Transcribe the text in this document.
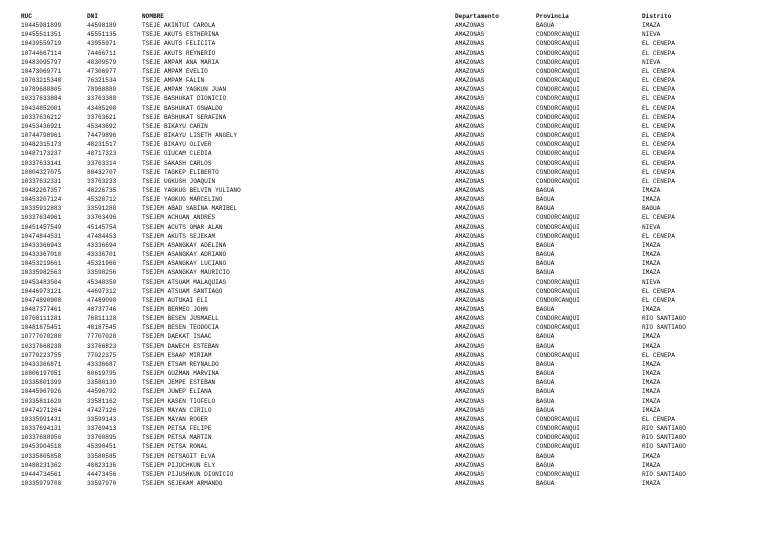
RUC	DNI	NOMBRE	Departamento	Provincia	Distrito
10445981899	44598189	TSEJE AKINTUI CAROLA	AMAZONAS	BAGUA	IMAZA
10455511351	45551135	TSEJE AKUTS ESTHERINA	AMAZONAS	CONDORCANQUI	NIEVA
10439559719	43955971	TSEJE AKUTS FELICITA	AMAZONAS	CONDORCANQUI	EL CENEPA
10744667114	74466711	TSEJE AKUTS REYNERIO	AMAZONAS	CONDORCANQUI	EL CENEPA
10483095797	48309579	TSEJE AMPAM ANA MARIA	AMAZONAS	CONDORCANQUI	NIEVA
10473069771	47306977	TSEJE AMPAM EVELIO	AMAZONAS	CONDORCANQUI	EL CENEPA
10763215348	76321534	TSEJE AMPAM FALIN	AMAZONAS	CONDORCANQUI	EL CENEPA
10789688805	78968880	TSEJE AMPAM YAGKUN JUAN	AMAZONAS	CONDORCANQUI	EL CENEPA
10337633884	33763388	TSEJE BASHUKAT DIONICIO	AMAZONAS	CONDORCANQUI	EL CENEPA
10434852001	43485200	TSEJE BASHUKAT OSWALDO	AMAZONAS	CONDORCANQUI	EL CENEPA
10337636212	33763621	TSEJE BASHUKAT SERAFINA	AMAZONAS	CONDORCANQUI	EL CENEPA
10453436921	45343692	TSEJE BIKAYU CARIN	AMAZONAS	CONDORCANQUI	EL CENEPA
10744798961	74479896	TSEJE BIKAYU LISETH ANGELY	AMAZONAS	CONDORCANQUI	EL CENEPA
10482315173	48231517	TSEJE BIKAYU OLIVER	AMAZONAS	CONDORCANQUI	EL CENEPA
10487173237	48717323	TSEJE GIUCAM CLEDIA	AMAZONAS	CONDORCANQUI	EL CENEPA
10337633141	33763314	TSEJE SAKASH CARLOS	AMAZONAS	CONDORCANQUI	EL CENEPA
10804327075	80432707	TSEJE TAGKEP ELIBERTO	AMAZONAS	CONDORCANQUI	EL CENEPA
10337632331	33763233	TSEJE UGKUSH JOAQUIN	AMAZONAS	CONDORCANQUI	EL CENEPA
10482267357	48226735	TSEJE YAGKUG BELVIN YULIANO	AMAZONAS	BAGUA	IMAZA
10453207124	45320712	TSEJE YAGKUG MARCELINO	AMAZONAS	BAGUA	IMAZA
10335912883	33591288	TSEJEM ABAD SABINA MARIBEL	AMAZONAS	BAGUA	BAGUA
10337634961	33763496	TSEJEM ACHUAN ANDRES	AMAZONAS	CONDORCANQUI	EL CENEPA
10451457549	45145754	TSEJEM ACUTS OMAR ALAN	AMAZONAS	CONDORCANQUI	NIEVA
10474844531	47484453	TSEJEM AKUTS SEJEKAM	AMAZONAS	CONDORCANQUI	EL CENEPA
10433366943	43336694	TSEJEM ASANGKAY ADELINA	AMAZONAS	BAGUA	IMAZA
10433367010	43336701	TSEJEM ASANGKAY ADRIANO	AMAZONAS	BAGUA	IMAZA
10453219661	45321966	TSEJEM ASANGKAY LUCIANO	AMAZONAS	BAGUA	IMAZA
10335982563	33598256	TSEJEM ASANGKAY MAURICIO	AMAZONAS	BAGUA	IMAZA
10453483504	45348350	TSEJEM ATSUAM MALAQUIAS	AMAZONAS	CONDORCANQUI	NIEVA
10446973121	44697312	TSEJEM ATSUAM SANTIAGO	AMAZONAS	CONDORCANQUI	EL CENEPA
10474890908	47489090	TSEJEM AUTUKAI ELI	AMAZONAS	CONDORCANQUI	EL CENEPA
10487377461	48737746	TSEJEM BERMEO JOHN	AMAZONAS	BAGUA	IMAZA
10768111281	76811128	TSEJEM BESEN JUSMAELL	AMAZONAS	CONDORCANQUI	RIO SANTIAGO
10481875451	48187545	TSEJEM BESEN TEODOCIA	AMAZONAS	CONDORCANQUI	RIO SANTIAGO
10777070288	77707028	TSEJEM DAEKAT ISAAC	AMAZONAS	BAGUA	IMAZA
10337668238	33766823	TSEJEM DAWECH ESTEBAN	AMAZONAS	BAGUA	IMAZA
10770223755	77022375	TSEJEM ESAAP MIRIAM	AMAZONAS	CONDORCANQUI	EL CENEPA
10433366871	43336687	TSEJEM ETSAM REYNALDO	AMAZONAS	BAGUA	IMAZA
10806197951	80619795	TSEJEM GUZMAN MARVINA	AMAZONAS	BAGUA	IMAZA
10335801399	33580139	TSEJEM JEMPE ESTEBAN	AMAZONAS	BAGUA	IMAZA
10445967926	44596792	TSEJEM JUWEP ELIANA	AMAZONAS	BAGUA	IMAZA
10335811629	33581162	TSEJEM KASEN TIOFELO	AMAZONAS	BAGUA	IMAZA
10474271264	47427126	TSEJEM MAYAN CIRILO	AMAZONAS	BAGUA	IMAZA
10335991431	33599143	TSEJEM MAYAN ROGER	AMAZONAS	CONDORCANQUI	EL CENEPA
10337694131	33769413	TSEJEM PETSA FELIPE	AMAZONAS	CONDORCANQUI	RIO SANTIAGO
10337688956	33768895	TSEJEM PETSA MARTIN	AMAZONAS	CONDORCANQUI	RIO SANTIAGO
10453904518	45390451	TSEJEM PETSA RONAL	AMAZONAS	CONDORCANQUI	RIO SANTIAGO
10335805858	33580585	TSEJEM PETSAGIT ELVA	AMAZONAS	BAGUA	IMAZA
10488231362	48823136	TSEJEM PIJUCHKUN ELY	AMAZONAS	BAGUA	IMAZA
10444734561	44473456	TSEJEM PIJUSHKUN DIONICIO	AMAZONAS	CONDORCANQUI	RIO SANTIAGO
10335979708	33597970	TSEJEM SEJEKAM ARMANDO	AMAZONAS	BAGUA	IMAZA
